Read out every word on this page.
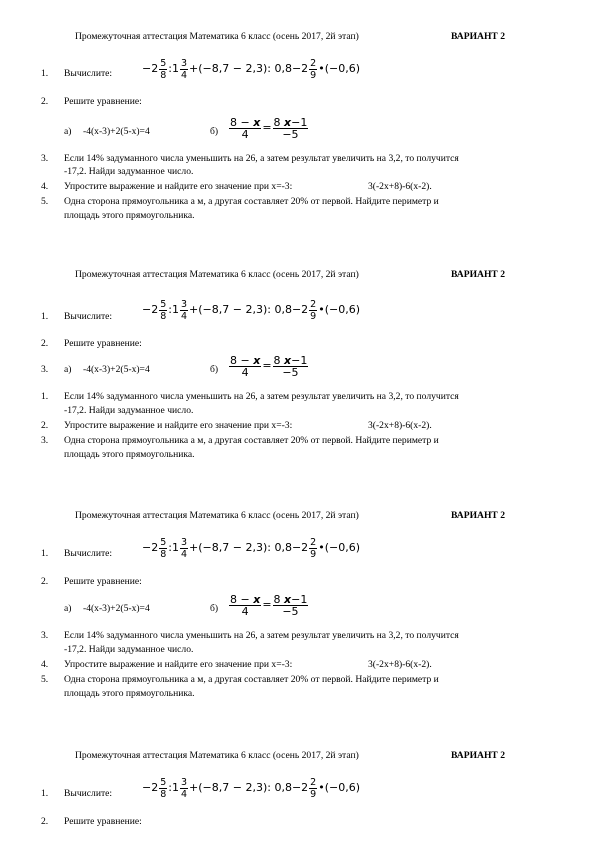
Промежуточная аттестация Математика 6 класс (осень 2017, 2й этап)	ВАРИАНТ 2
1. Вычислите:	$-2 \frac{5}{8}$ :1 $\frac{3}{4} +(-8,7 - 2,3)$: $0,8-2 \frac{2}{9}$ •(−0,6)
2. Решите уравнение:
а) -4(х-3)+2(5-х)=4	$б) \frac{8 - x}{4} = \frac{8 x-1}{-5}$
3. Если 14% задуманного числа уменьшить на 26, а затем результат увеличить на 3,2, то получится
-17,2. Найди задуманное число.
4. Упростите выражение и найдите его значение при х=-3:	3(-2х+8)-6(х-2).
5. Одна сторона прямоугольника а м, а другая составляет 20% от первой. Найдите периметр и
площадь этого прямоугольника.
Промежуточная аттестация Математика 6 класс (осень 2017, 2й этап)	ВАРИАНТ 2
1. Вычислите:
$-2 \frac{5}{8}$ :1 $\frac{3}{4} +(-8,7 - 2,3)$: $0,8-2 \frac{2}{9}$ •(−0,6)
2. Решите уравнение:
3. а) -4(х-3)+2(5-х)=4	$б) \frac{8 - x}{4} = \frac{8 x-1}{-5}$
1. Если 14% задуманного числа уменьшить на 26, а затем результат увеличить на 3,2, то получится
-17,2. Найди задуманное число.
2. Упростите выражение и найдите его значение при х=-3:	3(-2х+8)-6(х-2).
3. Одна сторона прямоугольника а м, а другая составляет 20% от первой. Найдите периметр и
площадь этого прямоугольника.
Промежуточная аттестация Математика 6 класс (осень 2017, 2й этап)	ВАРИАНТ 2
1. Вычислите:	$-2 \frac{5}{8}$ :1 $\frac{3}{4} +(-8,7 - 2,3)$: $0,8-2 \frac{2}{9}$ •(−0,6)
2. Решите уравнение:
а) -4(х-3)+2(5-х)=4	$б) \frac{8 - x}{4} = \frac{8 x-1}{-5}$
3. Если 14% задуманного числа уменьшить на 26, а затем результат увеличить на 3,2, то получится
-17,2. Найди задуманное число.
4. Упростите выражение и найдите его значение при х=-3:	3(-2х+8)-6(х-2).
5. Одна сторона прямоугольника а м, а другая составляет 20% от первой. Найдите периметр и
площадь этого прямоугольника.
Промежуточная аттестация Математика 6 класс (осень 2017, 2й этап)	ВАРИАНТ 2
1. Вычислите:	$-2 \frac{5}{8}$ :1 $\frac{3}{4} +(-8,7 - 2,3)$: $0,8-2 \frac{2}{9}$ •(−0,6)
2. Решите уравнение:
